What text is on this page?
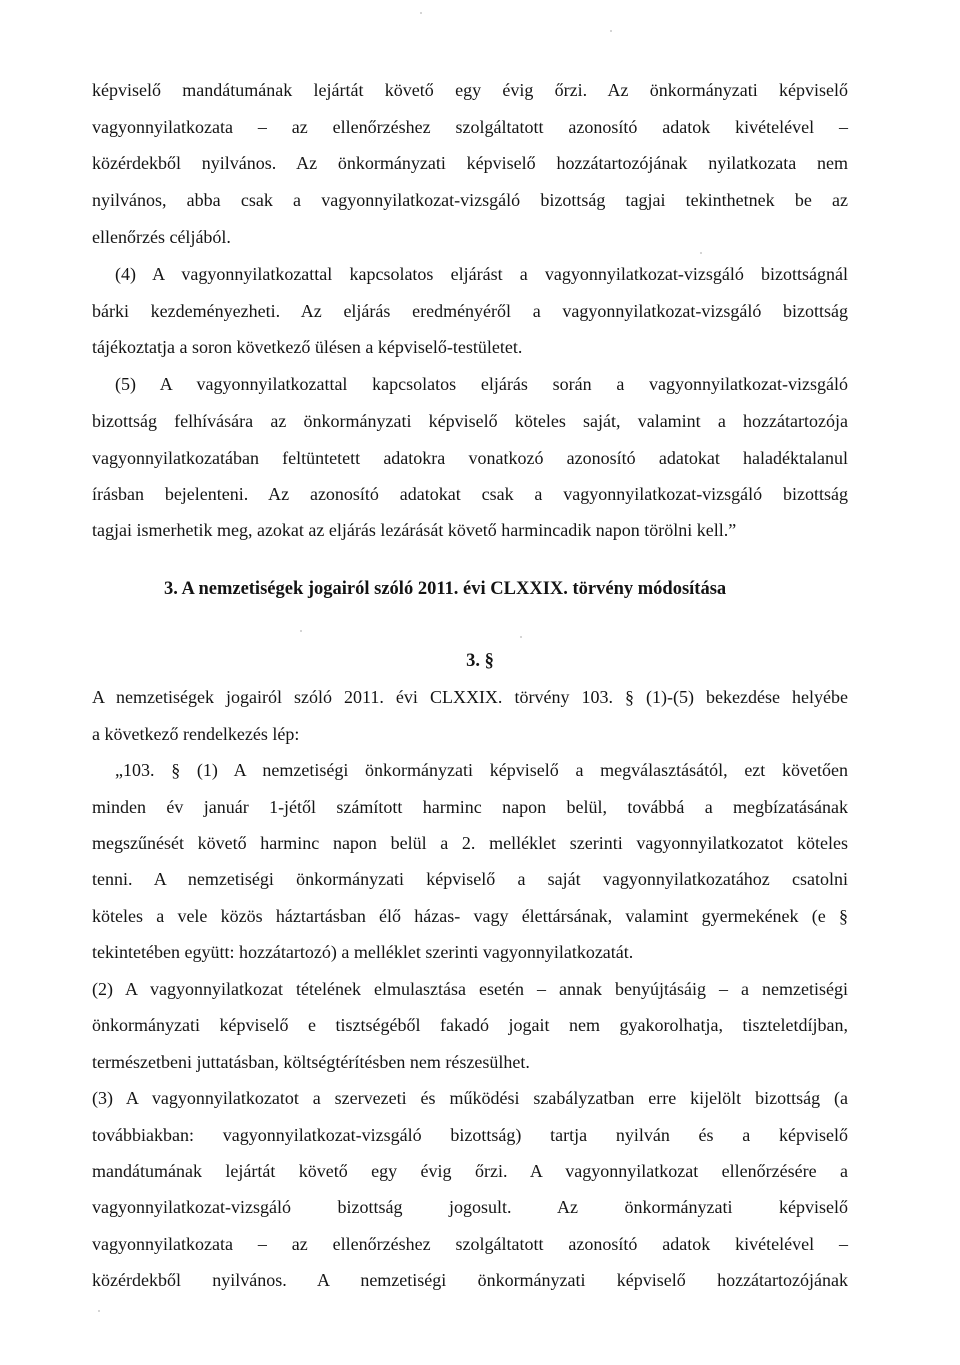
képviselő mandátumának lejártát követő egy évig őrzi. Az önkormányzati képviselő
vagyonnyilatkozata – az ellenőrzéshez szolgáltatott azonosító adatok kivételével –
közérdekből nyilvános. Az önkormányzati képviselő hozzátartozójának nyilatkozata nem
nyilvános, abba csak a vagyonnyilatkozat-vizsgáló bizottság tagjai tekinthetnek be az
ellenőrzés céljából.
(4) A vagyonnyilatkozattal kapcsolatos eljárást a vagyonnyilatkozat-vizsgáló bizottságnál
bárki kezdeményezheti. Az eljárás eredményéről a vagyonnyilatkozat-vizsgáló bizottság
tájékoztatja a soron következő ülésen a képviselő-testületet.
(5) A vagyonnyilatkozattal kapcsolatos eljárás során a vagyonnyilatkozat-vizsgáló
bizottság felhívására az önkormányzati képviselő köteles saját, valamint a hozzátartozója
vagyonnyilatkozatában feltüntetett adatokra vonatkozó azonosító adatokat haladéktalanul
írásban bejelenteni. Az azonosító adatokat csak a vagyonnyilatkozat-vizsgáló bizottság
tagjai ismerhetik meg, azokat az eljárás lezárását követő harmincadik napon törölni kell.”
3. A nemzetiségek jogairól szóló 2011. évi CLXXIX. törvény módosítása
3. §
A nemzetiségek jogairól szóló 2011. évi CLXXIX. törvény 103. § (1)-(5) bekezdése helyébe
a következő rendelkezés lép:
„103. § (1) A nemzetiségi önkormányzati képviselő a megválasztásától, ezt követően
minden év január 1-jétől számított harminc napon belül, továbbá a megbízatásának
megszűnését követő harminc napon belül a 2. melléklet szerinti vagyonnyilatkozatot köteles
tenni. A nemzetiségi önkormányzati képviselő a saját vagyonnyilatkozatához csatolni
köteles a vele közös háztartásban élő házas- vagy élettársának, valamint gyermekének (e §
tekintetében együtt: hozzátartozó) a melléklet szerinti vagyonnyilatkozatát.
(2) A vagyonnyilatkozat tételének elmulasztása esetén – annak benyújtásáig – a nemzetiségi
önkormányzati képviselő e tisztségéből fakadó jogait nem gyakorolhatja, tiszteletdíjban,
természetbeni juttatásban, költségtérítésben nem részesülhet.
(3) A vagyonnyilatkozatot a szervezeti és működési szabályzatban erre kijelölt bizottság (a
továbbiakban: vagyonnyilatkozat-vizsgáló bizottság) tartja nyilván és a képviselő
mandátumának lejártát követő egy évig őrzi. A vagyonnyilatkozat ellenőrzésére a
vagyonnyilatkozat-vizsgáló bizottság jogosult. Az önkormányzati képviselő
vagyonnyilatkozata – az ellenőrzéshez szolgáltatott azonosító adatok kivételével –
közérdekből nyilvános. A nemzetiségi önkormányzati képviselő hozzátartozójának
